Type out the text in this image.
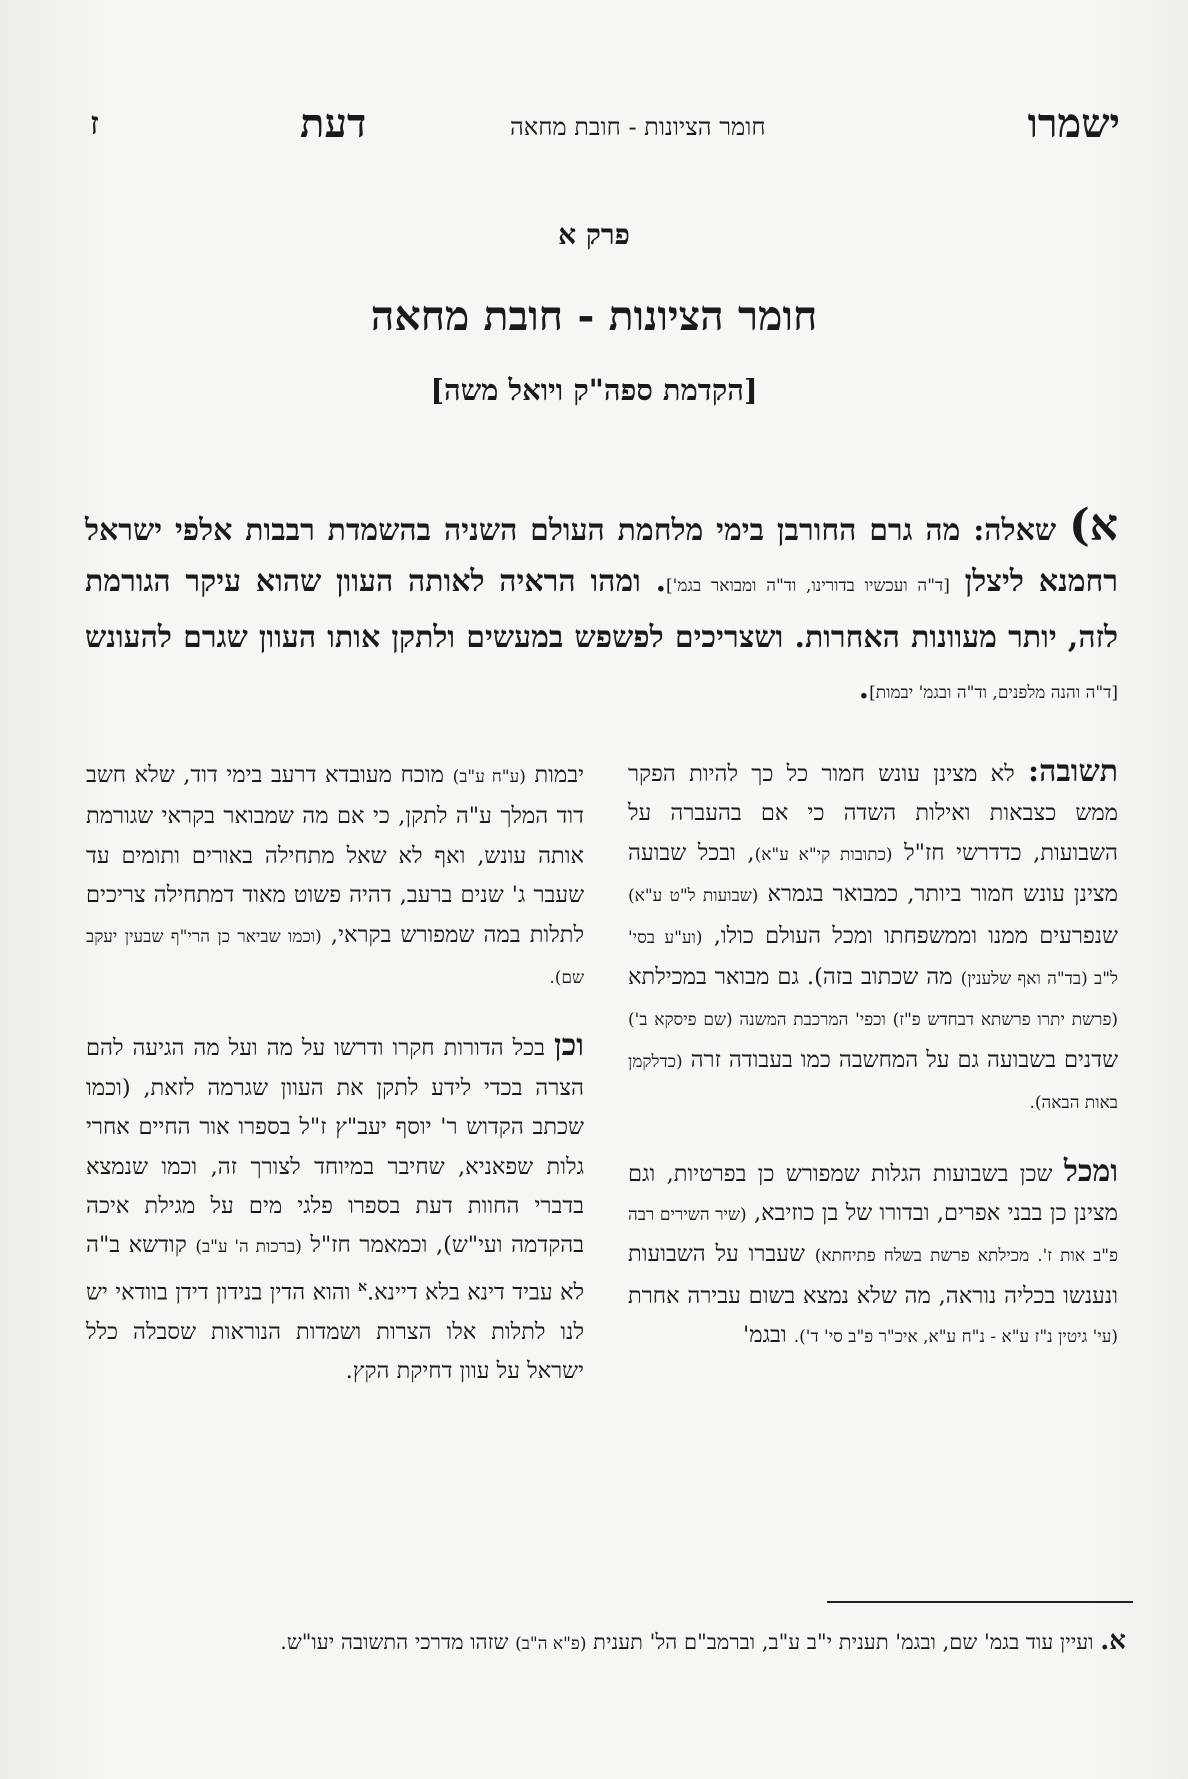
ישמרו
חומר הציונות - חובת מחאה
דעת
ז
פרק א
חומר הציונות - חובת מחאה
[הקדמת ספה"ק ויואל משה]
א) שאלה: מה גרם החורבן בימי מלחמת העולם השניה בהשמדת רבבות אלפי ישראל רחמנא ליצלן [ד"ה ועכשיו בדורינו, וד"ה ומבואר בגמ']. ומהו הראיה לאותה העוון שהוא עיקר הגורמת לזה, יותר מעוונות האחרות. ושצריכים לפשפש במעשים ולתקן אותו העוון שגרם להעונש [ד"ה והנה מלפנים, וד"ה ובגמ' יבמות].

תשובה: לא מצינן עונש חמור כל כך להיות הפקר ממש כצבאות ואילות השדה כי אם בהעברה על השבועות, כדדרשי חז"ל (כתובות קי"א ע"א), ובכל שבועה מצינן עונש חמור ביותר, כמבואר בגמרא (שבועות ל"ט ע"א) שנפרעים ממנו וממשפחתו ומכל העולם כולו, (וע"ע בסי' ל"ב (בד"ה ואף שלענין) מה שכתוב בזה). גם מבואר במכילתא (פרשת יתרו פרשתא דבחדש פ"ז) וכפי' המרכבת המשנה (שם פיסקא ב') שדנים בשבועה גם על המחשבה כמו בעבודה זרה (כדלקמן באות הבאה).

ומכל שכן בשבועות הגלות שמפורש כן בפרטיות, וגם מצינן כן בבני אפרים, ובדורו של בן כוזיבא, (שיר השירים רבה פ"ב אות ז'. מכילתא פרשת בשלח פתיחתא) שעברו על השבועות ונענשו בכליה נוראה, מה שלא נמצא בשום עבירה אחרת (עי' גיטין נ"ז ע"א - נ"ח ע"א, איכ"ר פ"ב סי' ד'). ובגמ'

יבמות (ע"ח ע"ב) מוכח מעובדא דרעב בימי דוד, שלא חשב דוד המלך ע"ה לתקן, כי אם מה שמבואר בקראי שגורמת אותה עונש, ואף לא שאל מתחילה באורים ותומים עד שעבר ג' שנים ברעב, דהיה פשוט מאוד דמתחילה צריכים לתלות במה שמפורש בקראי, (וכמו שביאר כן הרי"ף שבעין יעקב שם).

וכן בכל הדורות חקרו ודרשו על מה ועל מה הגיעה להם הצרה בכדי לידע לתקן את העוון שגרמה לזאת, (וכמו שכתב הקדוש ר' יוסף יעב"ץ ז"ל בספרו אור החיים אחרי גלות שפאניא, שחיבר במיוחד לצורך זה, וכמו שנמצא בדברי החוות דעת בספרו פלגי מים על מגילת איכה בהקדמה ועי"ש), וכמאמר חז"ל (ברכות ה' ע"ב) קודשא ב"ה לא עביד דינא בלא דיינא.$^א$ והוא הדין בנידון דידן בוודאי יש לנו לתלות אלו הצרות ושמדות הנוראות שסבלה כלל ישראל על עוון דחיקת הקץ.

א. ועיין עוד בגמ' שם, ובגמ' תענית י"ב ע"ב, וברמב"ם הל' תענית (פ"א ה"ב) שזהו מדרכי התשובה יעו"ש.
